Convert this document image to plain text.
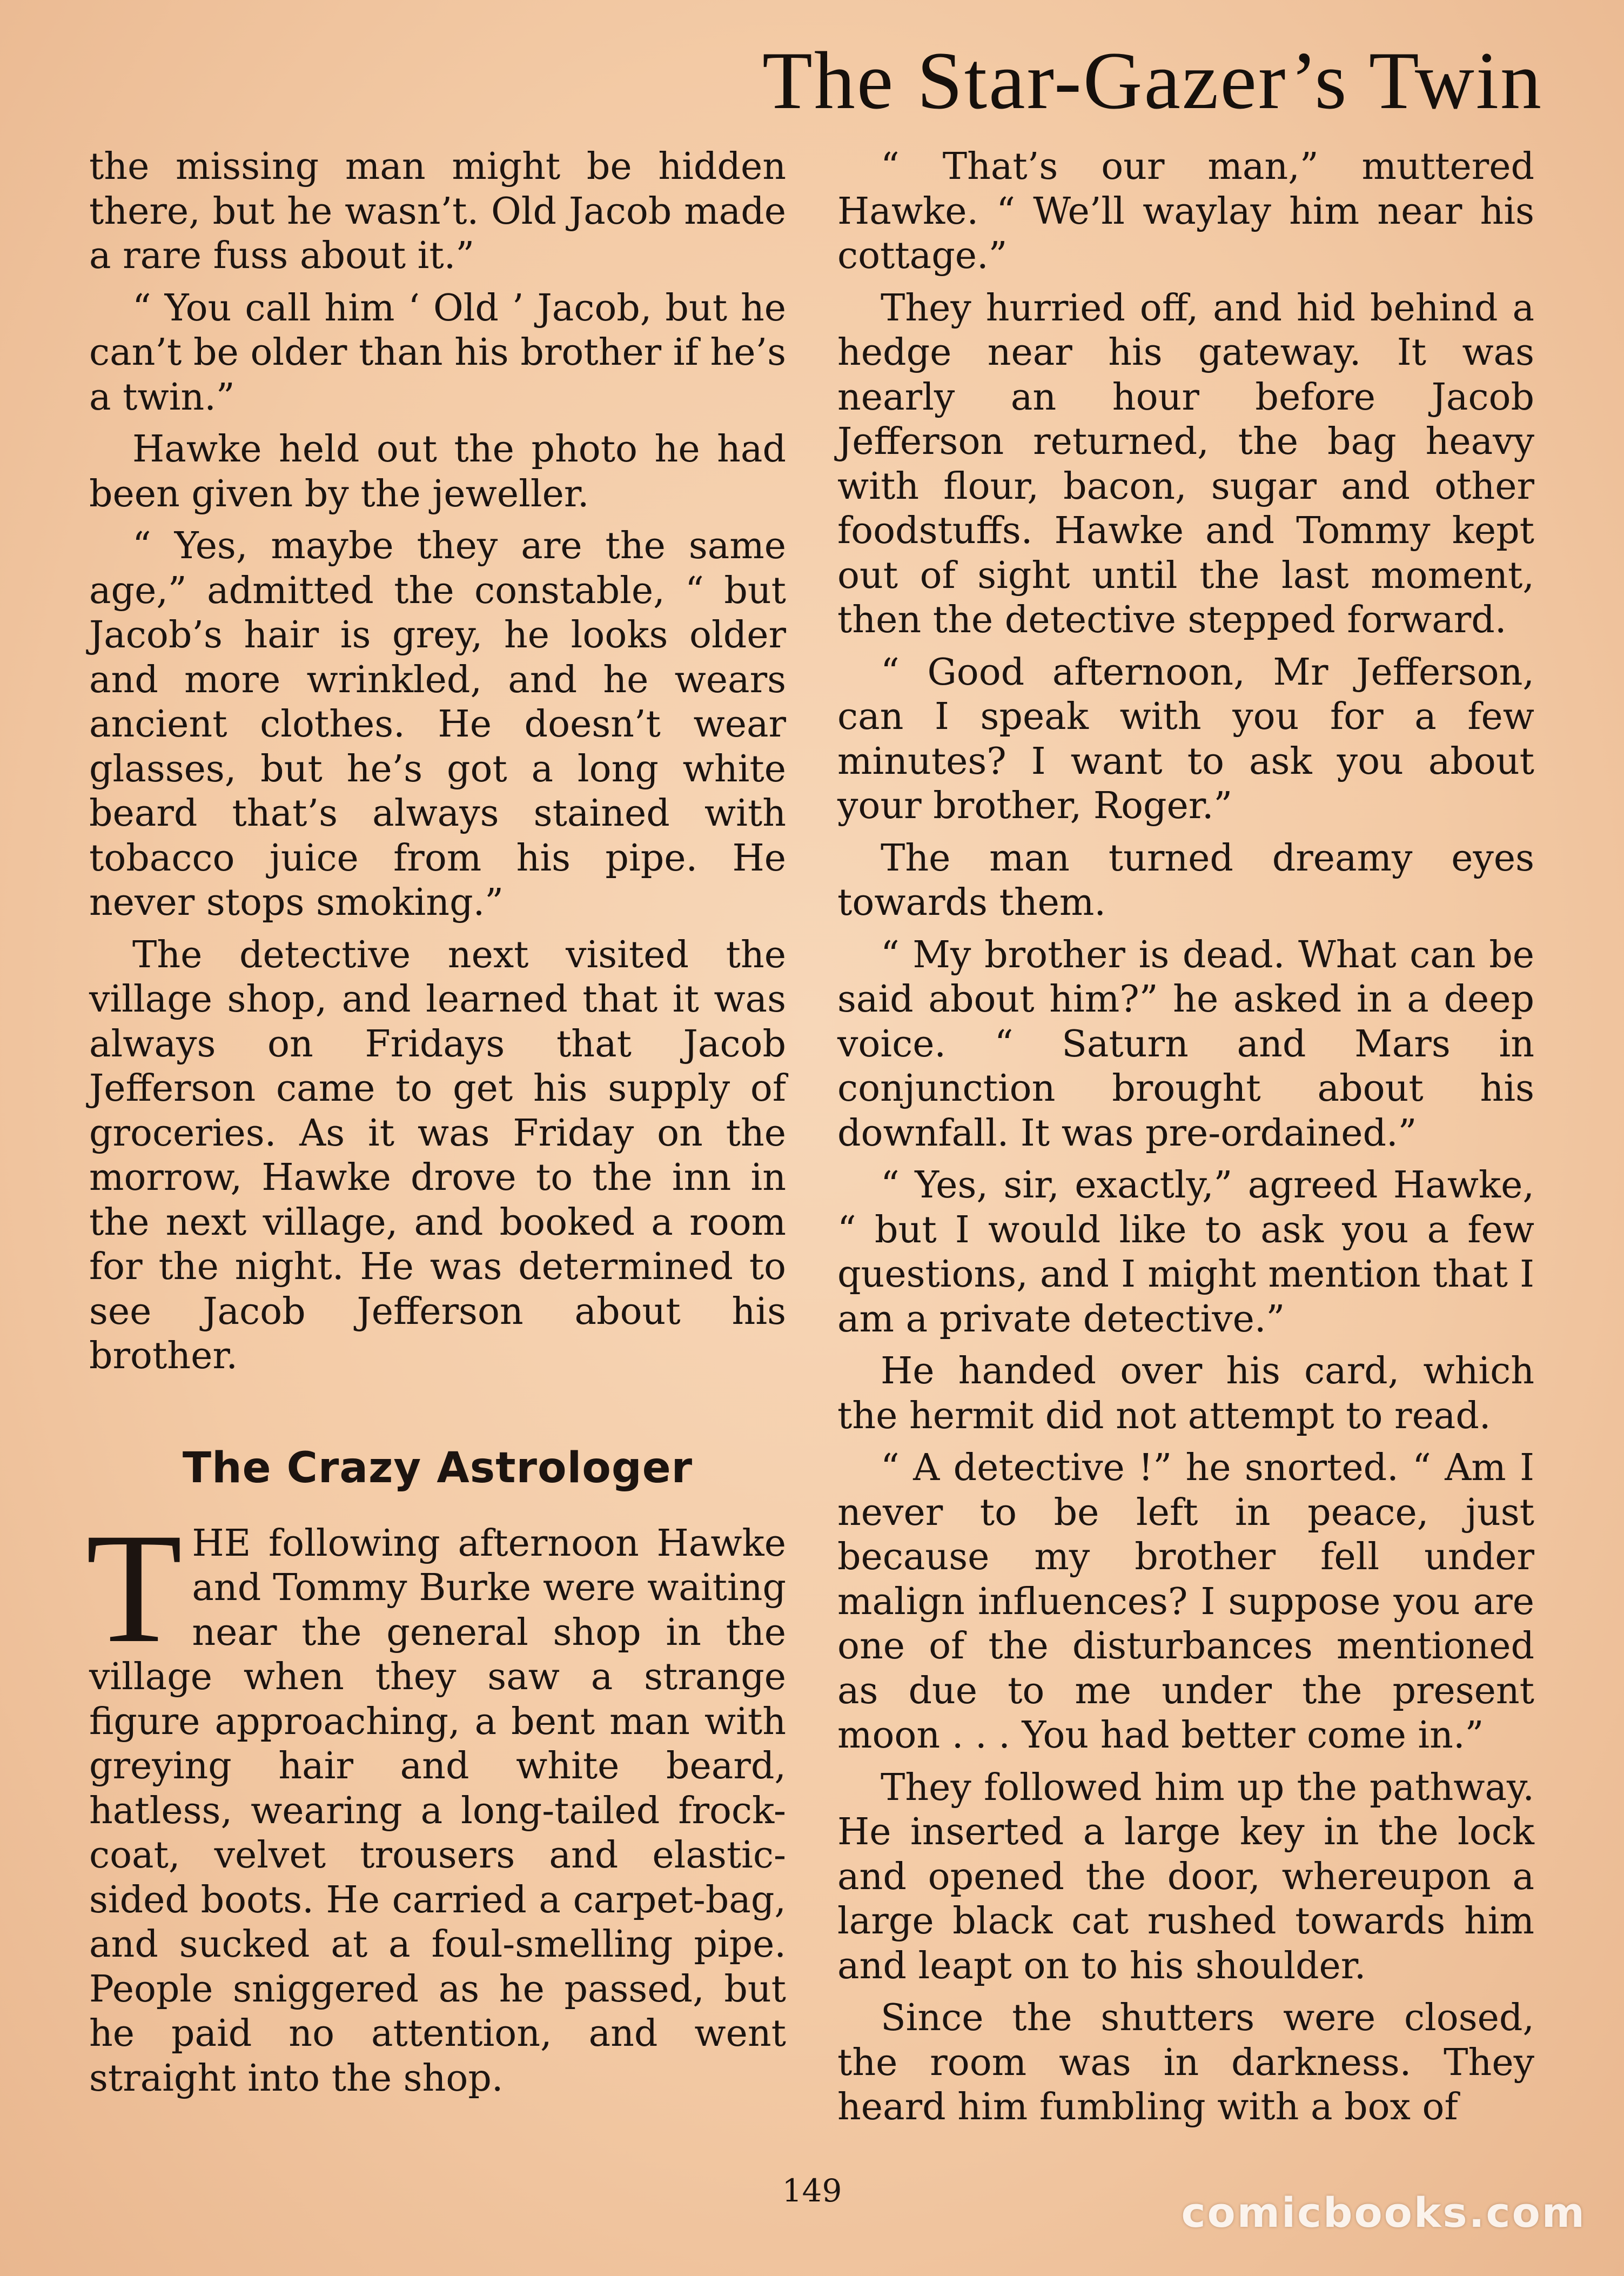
The Star-Gazer’s Twin

the missing man might be hidden there, but he wasn’t. Old Jacob made a rare fuss about it.”

“ You call him ‘ Old ’ Jacob, but he can’t be older than his brother if he’s a twin.”

Hawke held out the photo he had been given by the jeweller.

“ Yes, maybe they are the same age,” admitted the constable, “ but Jacob’s hair is grey, he looks older and more wrinkled, and he wears ancient clothes. He doesn’t wear glasses, but he’s got a long white beard that’s always stained with tobacco juice from his pipe. He never stops smoking.”

The detective next visited the village shop, and learned that it was always on Fridays that Jacob Jefferson came to get his supply of groceries. As it was Friday on the morrow, Hawke drove to the inn in the next village, and booked a room for the night. He was determined to see Jacob Jefferson about his brother.

The Crazy Astrologer

THE following afternoon Hawke and Tommy Burke were waiting near the general shop in the village when they saw a strange figure approaching, a bent man with greying hair and white beard, hatless, wearing a long-tailed frock-coat, velvet trousers and elastic-sided boots. He carried a carpet-bag, and sucked at a foul-smelling pipe. People sniggered as he passed, but he paid no attention, and went straight into the shop.

“ That’s our man,” muttered Hawke. “ We’ll waylay him near his cottage.”

They hurried off, and hid behind a hedge near his gateway. It was nearly an hour before Jacob Jefferson returned, the bag heavy with flour, bacon, sugar and other foodstuffs. Hawke and Tommy kept out of sight until the last moment, then the detective stepped forward.

“ Good afternoon, Mr Jefferson, can I speak with you for a few minutes? I want to ask you about your brother, Roger.”

The man turned dreamy eyes towards them.

“ My brother is dead. What can be said about him?” he asked in a deep voice. “ Saturn and Mars in conjunction brought about his downfall. It was pre-ordained.”

“ Yes, sir, exactly,” agreed Hawke, “ but I would like to ask you a few questions, and I might mention that I am a private detective.”

He handed over his card, which the hermit did not attempt to read.

“ A detective !” he snorted. “ Am I never to be left in peace, just because my brother fell under malign influences? I suppose you are one of the disturbances mentioned as due to me under the present moon . . . You had better come in.”

They followed him up the pathway. He inserted a large key in the lock and opened the door, whereupon a large black cat rushed towards him and leapt on to his shoulder.

Since the shutters were closed, the room was in darkness. They heard him fumbling with a box of

149	comicbooks.com
